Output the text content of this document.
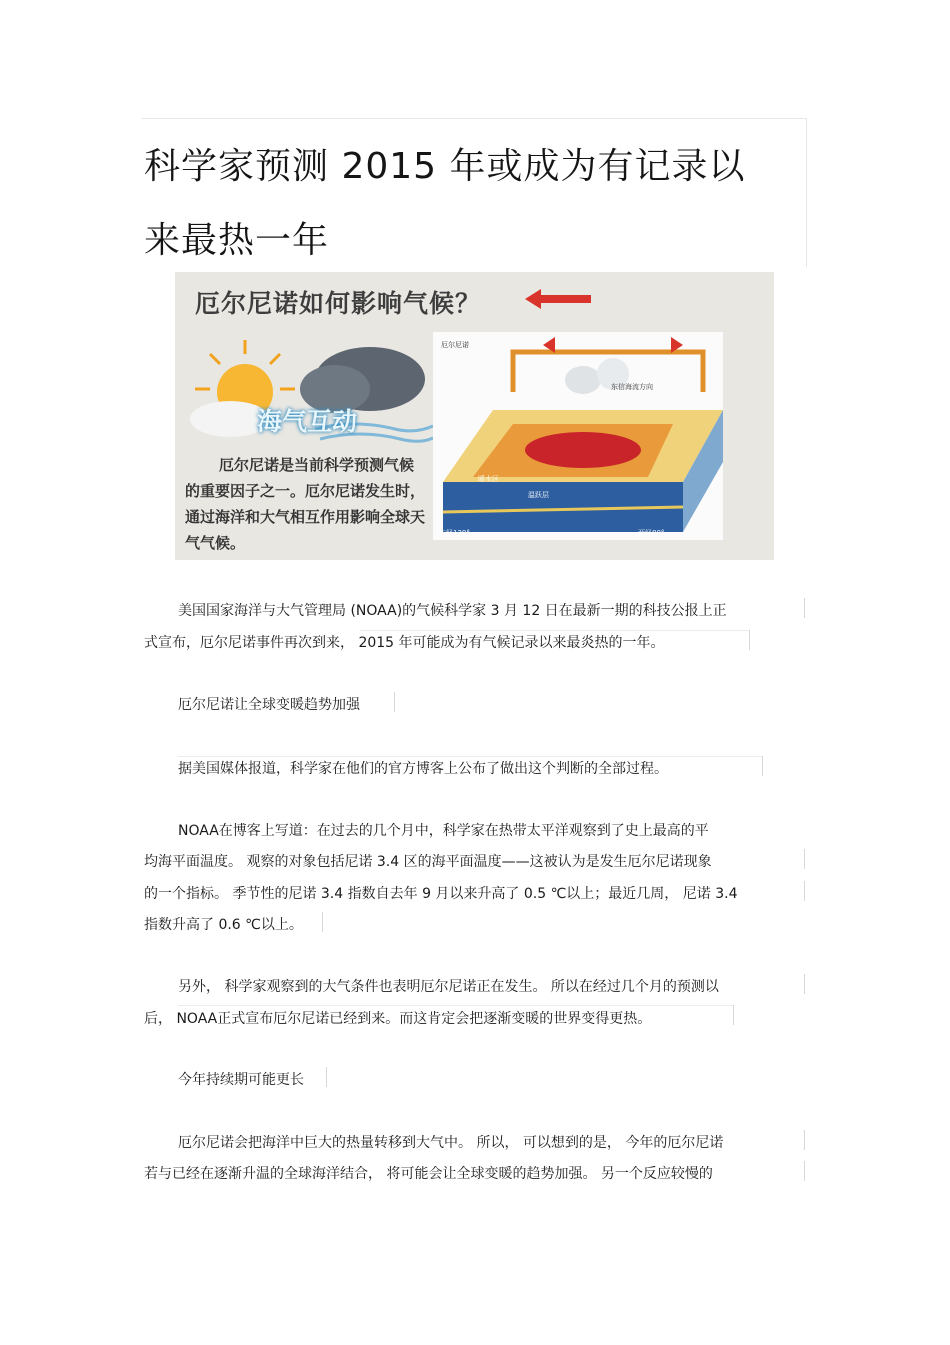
科学家预测 2015 年或成为有记录以
来最热一年
厄尔尼诺如何影响气候？
海气互动
厄尔尼诺是当前科学预测气候的重要因子之一。厄尔尼诺发生时，通过海洋和大气相互作用影响全球天气气候。
厄尔尼诺
东信海流方向
暖水区
温跃层
东经120°	西经80°
美国国家海洋与大气管理局 (NOAA)的气候科学家 3 月 12 日在最新一期的科技公报上正
式宣布，厄尔尼诺事件再次到来， 2015 年可能成为有气候记录以来最炎热的一年。
厄尔尼诺让全球变暖趋势加强
据美国媒体报道，科学家在他们的官方博客上公布了做出这个判断的全部过程。
NOAA在博客上写道：在过去的几个月中，科学家在热带太平洋观察到了史上最高的平
均海平面温度。 观察的对象包括尼诺 3.4 区的海平面温度——这被认为是发生厄尔尼诺现象
的一个指标。 季节性的尼诺 3.4 指数自去年 9 月以来升高了 0.5 ℃以上；最近几周， 尼诺 3.4
指数升高了 0.6 ℃以上。
另外， 科学家观察到的大气条件也表明厄尔尼诺正在发生。 所以在经过几个月的预测以
后， NOAA正式宣布厄尔尼诺已经到来。而这肯定会把逐渐变暖的世界变得更热。
今年持续期可能更长
厄尔尼诺会把海洋中巨大的热量转移到大气中。 所以， 可以想到的是， 今年的厄尔尼诺
若与已经在逐渐升温的全球海洋结合， 将可能会让全球变暖的趋势加强。 另一个反应较慢的
